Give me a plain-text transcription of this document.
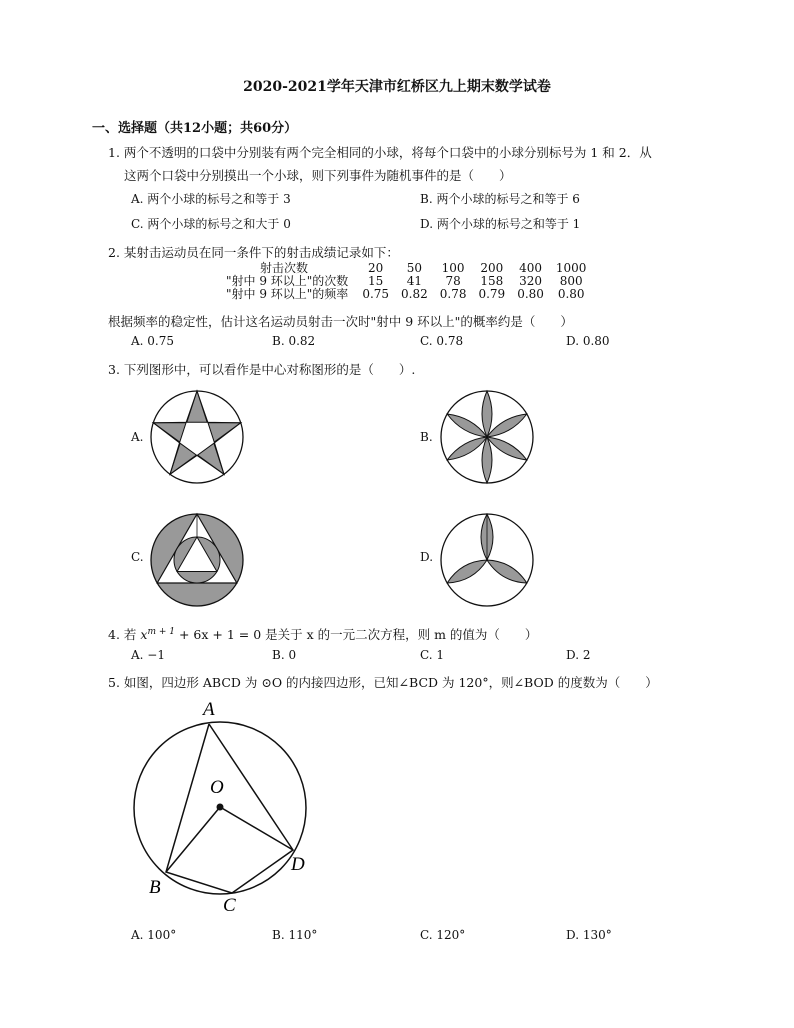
2020-2021学年天津市红桥区九上期末数学试卷
一、选择题（共12小题；共60分）
1. 两个不透明的口袋中分别装有两个完全相同的小球，将每个口袋中的小球分别标号为 1 和 2．从
这两个口袋中分别摸出一个小球，则下列事件为随机事件的是（　　）
A. 两个小球的标号之和等于 3	B. 两个小球的标号之和等于 6
C. 两个小球的标号之和大于 0	D. 两个小球的标号之和等于 1
2. 某射击运动员在同一条件下的射击成绩记录如下：
射击次数	20	50	100	200	400	1000
"射中 9 环以上"的次数	15	41	78	158	320	800
"射中 9 环以上"的频率	0.75	0.82	0.78	0.79	0.80	0.80
根据频率的稳定性，估计这名运动员射击一次时"射中 9 环以上"的概率约是（　　）
A. 0.75	B. 0.82	C. 0.78	D. 0.80
3. 下列图形中，可以看作是中心对称图形的是（　　）.
A.	B.
C.	D.
4. 若 $x^{m + 1} + 6x + 1 = 0$ 是关于 x 的一元二次方程，则 m 的值为（　　）
A. −1	B. 0	C. 1	D. 2
5. 如图，四边形 ABCD 为 ⊙O 的内接四边形，已知∠BCD 为 120°，则∠BOD 的度数为（　　）
A
O
B
C
D
A. 100°	B. 110°	C. 120°	D. 130°
